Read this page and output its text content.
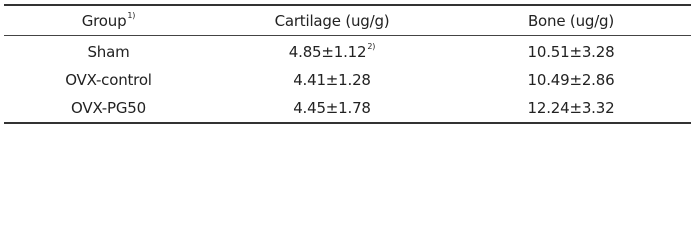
Group$^{1)}$	Cartilage (ug/g)	Bone (ug/g)
Sham	4.85±1.12$^{2)}$	10.51±3.28
OVX-control	4.41±1.28	10.49±2.86
OVX-PG50	4.45±1.78	12.24±3.32
